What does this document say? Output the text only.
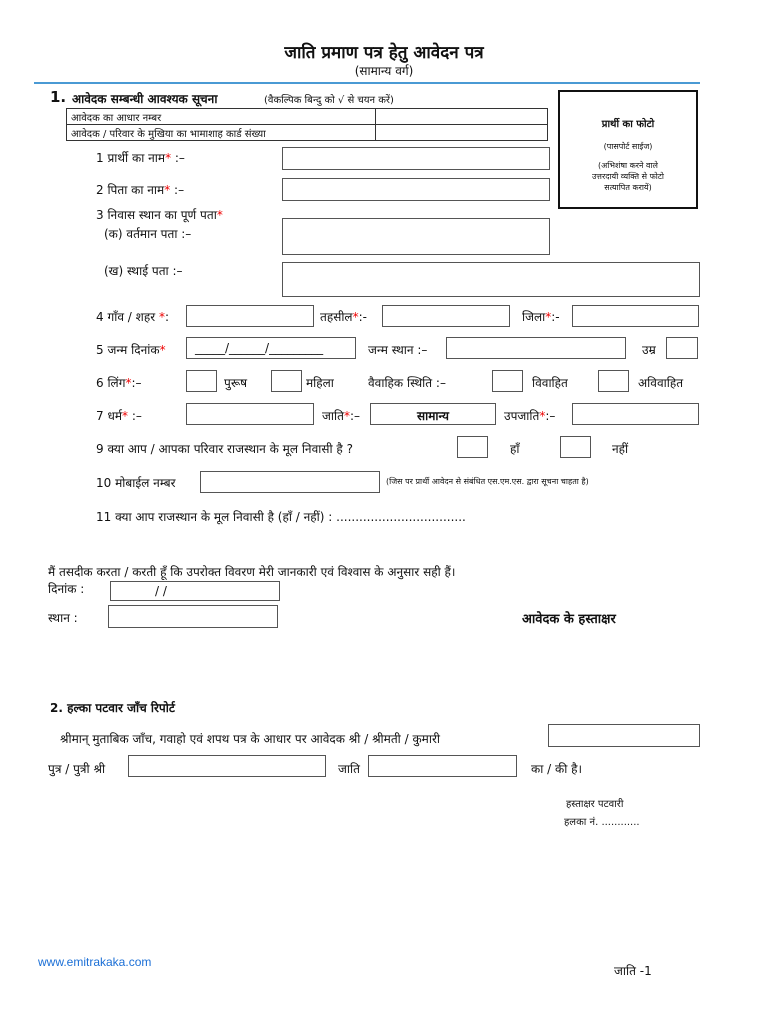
जाति प्रमाण पत्र हेतु आवेदन पत्र
(सामान्य वर्ग)
1. आवेदक सम्बन्धी आवश्यक सूचना	(वैकल्पिक बिन्दु को √ से चयन करें)
आवेदक का आधार नम्बर	
आवेदक / परिवार के मुखिया का भामाशाह कार्ड संख्या	
प्रार्थी का फोटो
(पासपोर्ट साईज)
(अभिशंषा करने वाले
उत्तरदायी व्यक्ति से फोटो
सत्यापित करायें)
1 प्रार्थी का नाम* :–
2 पिता का नाम* :–
3 निवास स्थान का पूर्ण पता*
(क) वर्तमान पता :–
(ख) स्थाई पता :–
4 गाँव / शहर *:	तहसील*:-	जिला*:-
5 जन्म दिनांक*	_____/______/_________	जन्म स्थान :–	उम्र
6 लिंग*:–	पुरूष	महिला	वैवाहिक स्थिति :–	विवाहित	अविवाहित
7 धर्म* :–	जाति*:–	सामान्य	उपजाति*:–
9 क्या आप / आपका परिवार राजस्थान के मूल निवासी है ?	हाँ	नहीं
10 मोबाईल नम्बर	(जिस पर प्रार्थी आवेदन से संबंधित एस.एम.एस. द्वारा सूचना चाहता है)
11 क्या आप राजस्थान के मूल निवासी है (हाँ / नहीं) : ..................................
मैं तसदीक करता / करती हूँ कि उपरोक्त विवरण मेरी जानकारी एवं विश्वास के अनुसार सही हैं।
दिनांक :	/ /
स्थान :	आवेदक के हस्ताक्षर
2. हल्का पटवार जाँच रिपोर्ट
श्रीमान् मुताबिक जाँच, गवाहो एवं शपथ पत्र के आधार पर आवेदक श्री / श्रीमती / कुमारी
पुत्र / पुत्री श्री	जाति	का / की है।
हस्ताक्षर पटवारी
हलका नं. ............
www.emitrakaka.com
जाति -1
